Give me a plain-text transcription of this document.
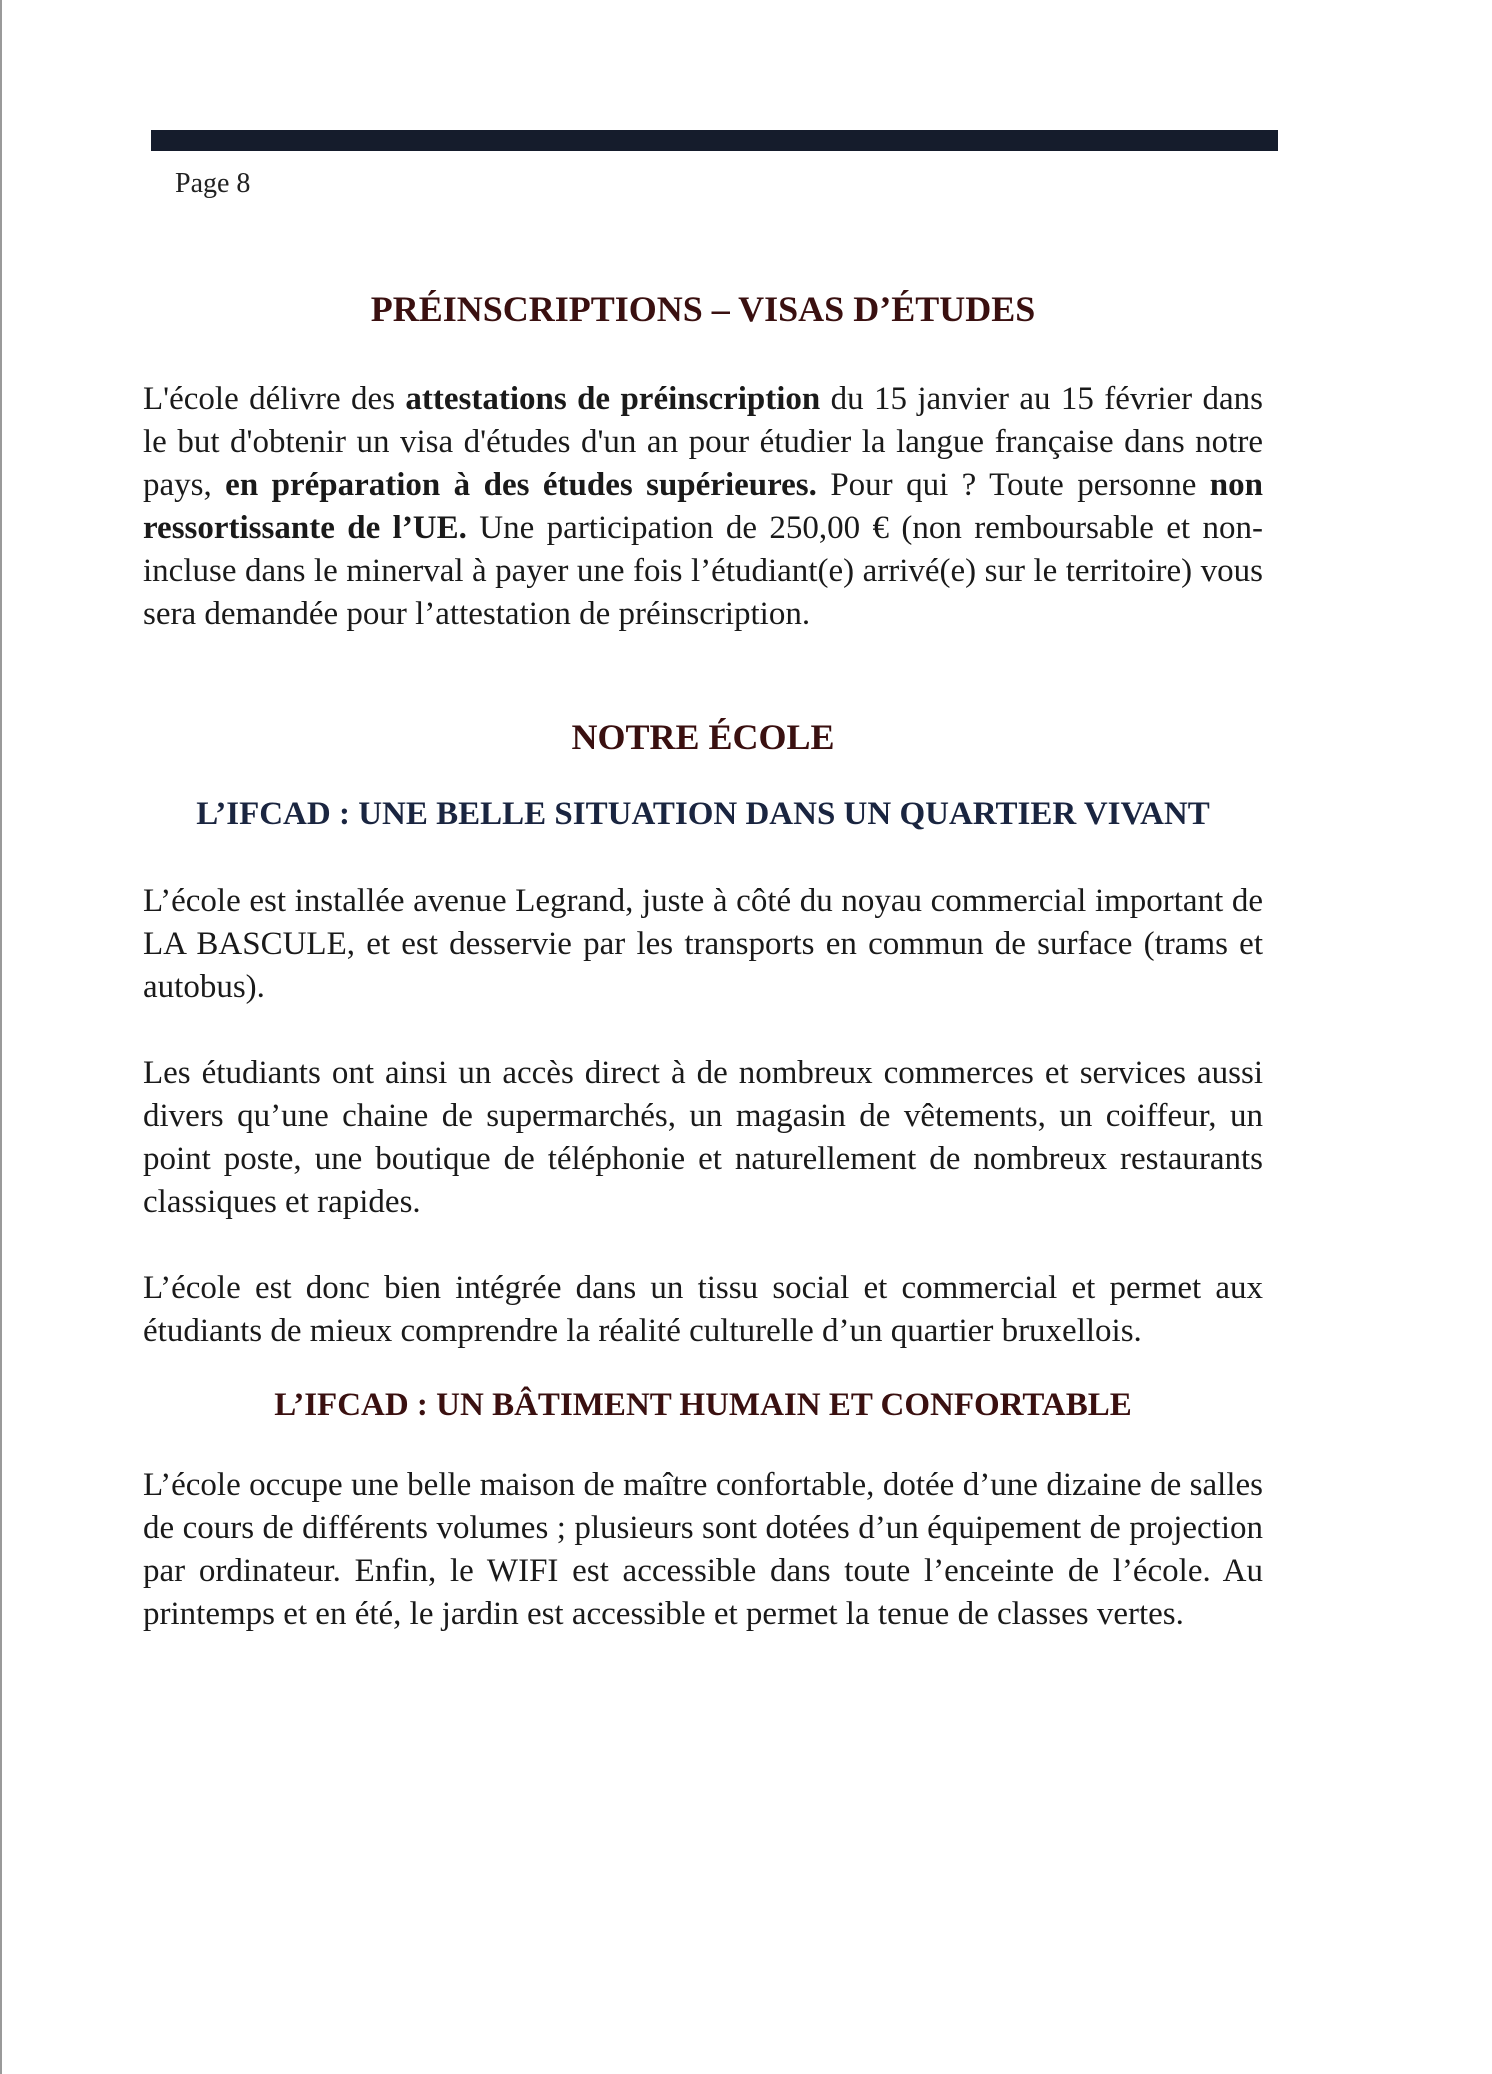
Page 8
PRÉINSCRIPTIONS – VISAS D’ÉTUDES

L'école délivre des attestations de préinscription du 15 janvier au 15 février dans le but d'obtenir un visa d'études d'un an pour étudier la langue française dans notre pays, en préparation à des études supérieures. Pour qui ? Toute personne non ressortissante de l’UE. Une participation de 250,00 € (non remboursable et non-incluse dans le minerval à payer une fois l’étudiant(e) arrivé(e) sur le territoire) vous sera demandée pour l’attestation de préinscription.

NOTRE ÉCOLE
L’IFCAD : UNE BELLE SITUATION DANS UN QUARTIER VIVANT

L’école est installée avenue Legrand, juste à côté du noyau commercial important de LA BASCULE, et est desservie par les transports en commun de surface (trams et autobus).

Les étudiants ont ainsi un accès direct à de nombreux commerces et services aussi divers qu’une chaine de supermarchés, un magasin de vêtements, un coiffeur, un point poste, une boutique de téléphonie et naturellement de nombreux restaurants classiques et rapides.

L’école est donc bien intégrée dans un tissu social et commercial et permet aux étudiants de mieux comprendre la réalité culturelle d’un quartier bruxellois.

L’IFCAD : UN BÂTIMENT HUMAIN ET CONFORTABLE

L’école occupe une belle maison de maître confortable, dotée d’une dizaine de salles de cours de différents volumes ; plusieurs sont dotées d’un équipement de projection par ordinateur. Enfin, le WIFI est accessible dans toute l’enceinte de l’école. Au printemps et en été, le jardin est accessible et permet la tenue de classes vertes.
